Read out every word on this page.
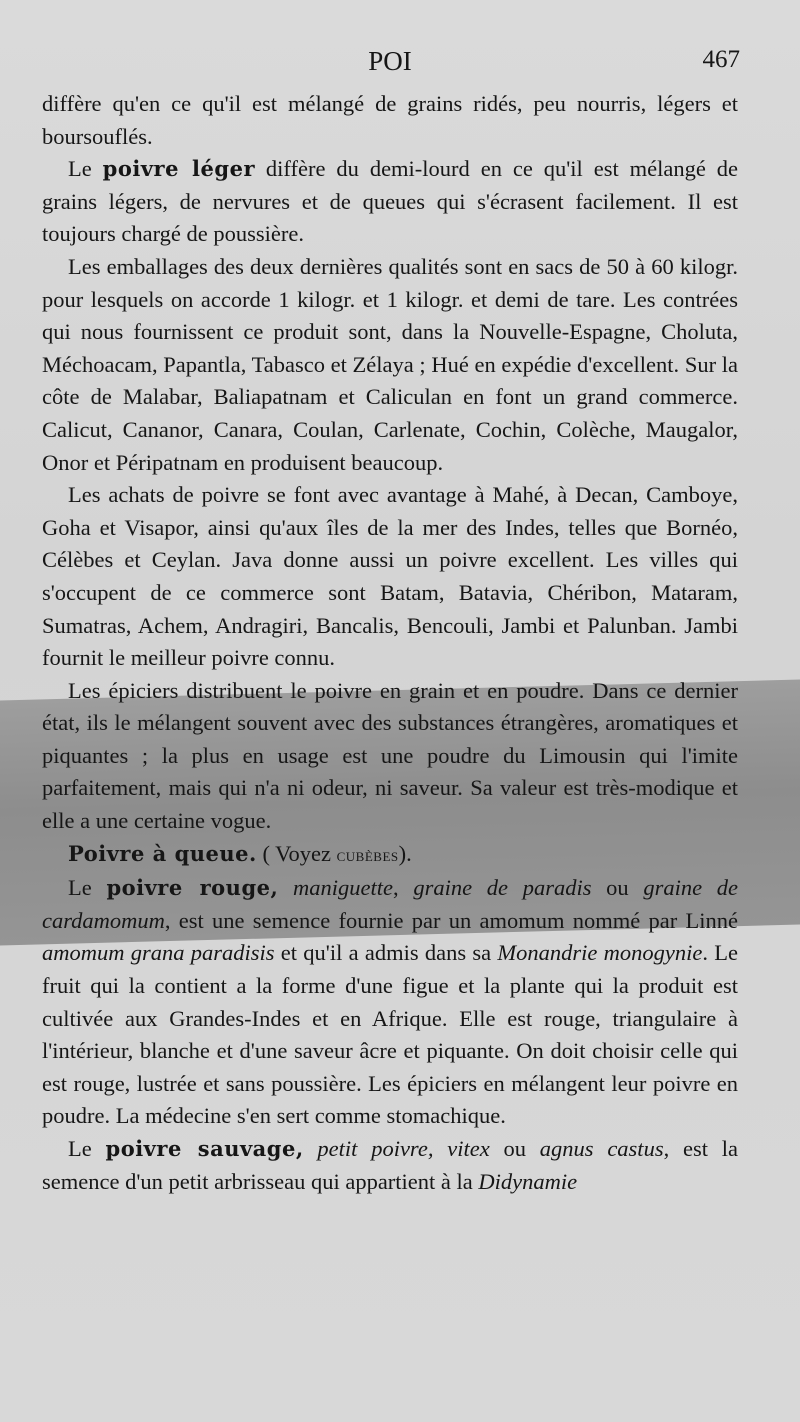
POI	467

diffère qu'en ce qu'il est mélangé de grains ridés, peu nourris, légers et boursouflés.

Le poivre léger diffère du demi-lourd en ce qu'il est mélangé de grains légers, de nervures et de queues qui s'écrasent facilement. Il est toujours chargé de poussière.

Les emballages des deux dernières qualités sont en sacs de 50 à 60 kilogr. pour lesquels on accorde 1 kilogr. et 1 kilogr. et demi de tare. Les contrées qui nous fournissent ce produit sont, dans la Nouvelle-Espagne, Choluta, Méchoacam, Papantla, Tabasco et Zélaya ; Hué en expédie d'excellent. Sur la côte de Malabar, Baliapatnam et Caliculan en font un grand commerce. Calicut, Cananor, Canara, Coulan, Carlenate, Cochin, Colèche, Maugalor, Onor et Péripatnam en produisent beaucoup.

Les achats de poivre se font avec avantage à Mahé, à Decan, Camboye, Goha et Visapor, ainsi qu'aux îles de la mer des Indes, telles que Bornéo, Célèbes et Ceylan. Java donne aussi un poivre excellent. Les villes qui s'occupent de ce commerce sont Batam, Batavia, Chéribon, Mataram, Sumatras, Achem, Andragiri, Bancalis, Bencouli, Jambi et Palunban. Jambi fournit le meilleur poivre connu.

Les épiciers distribuent le poivre en grain et en poudre. Dans ce dernier état, ils le mélangent souvent avec des substances étrangères, aromatiques et piquantes ; la plus en usage est une poudre du Limousin qui l'imite parfaitement, mais qui n'a ni odeur, ni saveur. Sa valeur est très-modique et elle a une certaine vogue.

Poivre à queue. ( Voyez cubèbes).

Le poivre rouge, maniguette, graine de paradis ou graine de cardamomum, est une semence fournie par un amomum nommé par Linné amomum grana paradisis et qu'il a admis dans sa Monandrie monogynie. Le fruit qui la contient a la forme d'une figue et la plante qui la produit est cultivée aux Grandes-Indes et en Afrique. Elle est rouge, triangulaire à l'intérieur, blanche et d'une saveur âcre et piquante. On doit choisir celle qui est rouge, lustrée et sans poussière. Les épiciers en mélangent leur poivre en poudre. La médecine s'en sert comme stomachique.

Le poivre sauvage, petit poivre, vitex ou agnus castus, est la semence d'un petit arbrisseau qui appartient à la Didynamie
